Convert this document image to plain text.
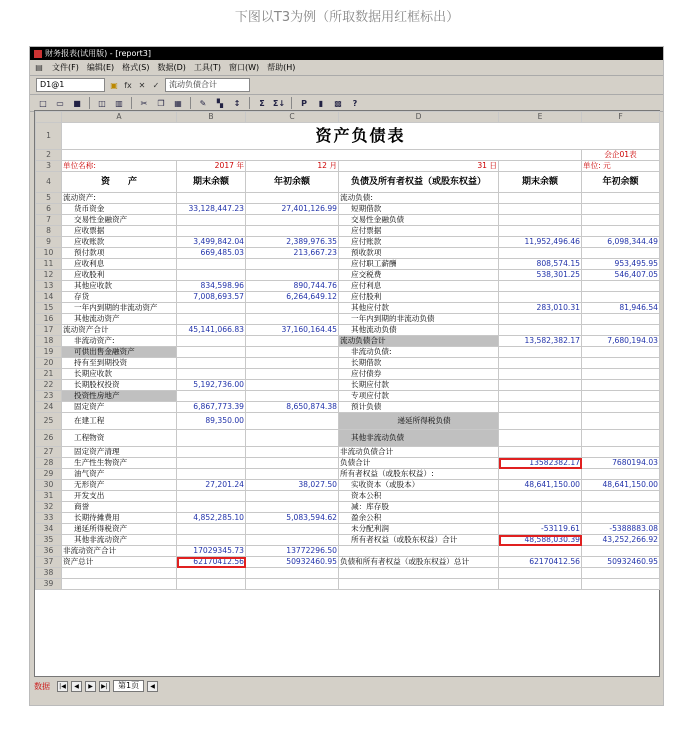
下图以T3为例（所取数据用红框标出）
财务报表(试用版) - [report3]
▤ 文件(F) 编辑(E) 格式(S) 数据(D) 工具(T) 窗口(W) 帮助(H)
D1@1	▣ fx ✕ ✓	流动负债合计
□	▭	■	◫	▥	✂	❐	▦	✎	▚	↕	Σ	Σ↓	P	▮	▩	?
	A	B	C	D	E	F
1	资产负债表					
2						会企01表
3	单位名称:	2017 年	12 月	31 日		单位: 元
4	资　　产	期末余额	年初余额	负债及所有者权益（或股东权益）	期末余额	年初余额
5	流动资产:			流动负债:		
6	货币资金	33,128,447.23	27,401,126.99	短期借款		
7	交易性金融资产			交易性金融负债		
8	应收票据			应付票据		
9	应收账款	3,499,842.04	2,389,976.35	应付账款	11,952,496.46	6,098,344.49
10	预付款项	669,485.03	213,667.23	预收款项		
11	应收利息			应付职工薪酬	808,574.15	953,495.95
12	应收股利			应交税费	538,301.25	546,407.05
13	其他应收款	834,598.96	890,744.76	应付利息		
14	存货	7,008,693.57	6,264,649.12	应付股利		
15	一年内到期的非流动资产			其他应付款	283,010.31	81,946.54
16	其他流动资产			一年内到期的非流动负债		
17	流动资产合计	45,141,066.83	37,160,164.45	其他流动负债		
18	非流动资产:			流动负债合计	13,582,382.17	7,680,194.03
19	可供出售金融资产			非流动负债:		
20	持有至到期投资			长期借款		
21	长期应收款			应付债券		
22	长期股权投资	5,192,736.00		长期应付款		
23	投资性房地产			专项应付款		
24	固定资产	6,867,773.39	8,650,874.38	预计负债		
25	在建工程	89,350.00		递延所得税负债		
26	工程物资			其他非流动负债		
27	固定资产清理			非流动负债合计		
28	生产性生物资产			负债合计	13582382.17	7680194.03
29	油气资产			所有者权益（或股东权益）:		
30	无形资产	27,201.24	38,027.50	实收资本（或股本）	48,641,150.00	48,641,150.00
31	开发支出			资本公积		
32	商誉			减：库存股		
33	长期待摊费用	4,852,285.10	5,083,594.62	盈余公积		
34	递延所得税资产			未分配利润	-53119.61	-5388883.08
35	其他非流动资产			所有者权益（或股东权益）合计	48,588,030.39	43,252,266.92
36	非流动资产合计	17029345.73	13772296.50			
37	资产总计	62170412.56	50932460.95	负债和所有者权益（或股东权益）总计	62170412.56	50932460.95
38						
39						
数据	|◀	◀	▶	▶|	第1页	◀
